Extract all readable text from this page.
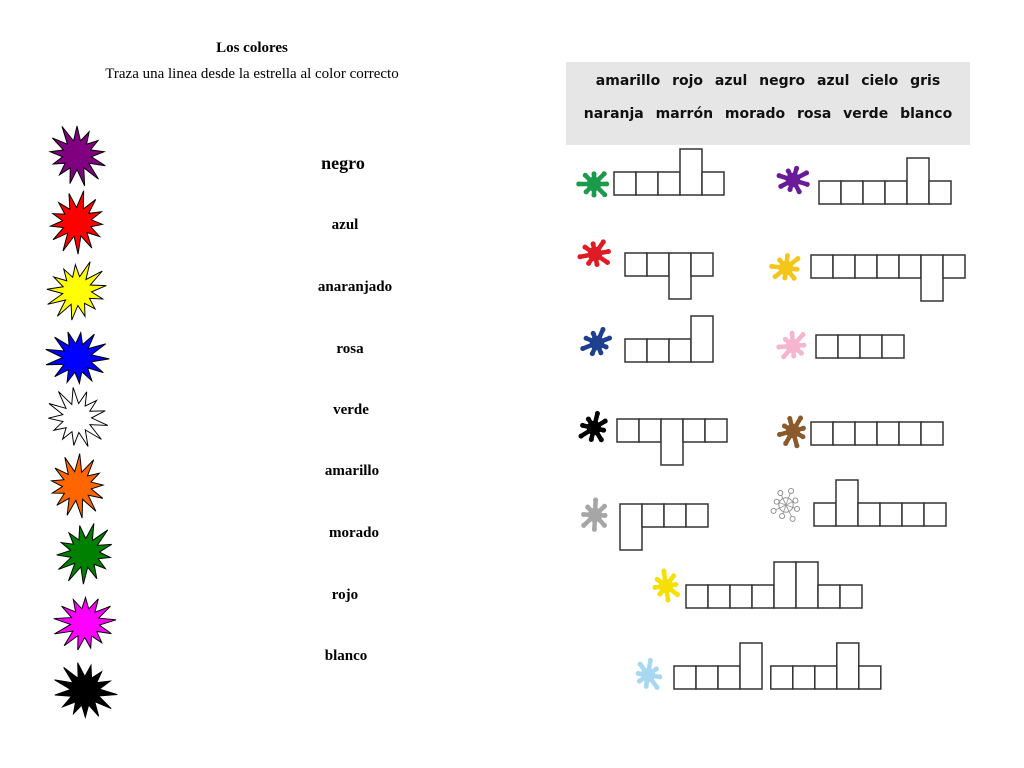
Los colores
Traza una linea desde la estrella al color correcto
negro
azul
anaranjado
rosa
verde
amarillo
morado
rojo
blanco
amarillo rojo azul negro azul cielo gris
naranja marrón morado rosa verde blanco
